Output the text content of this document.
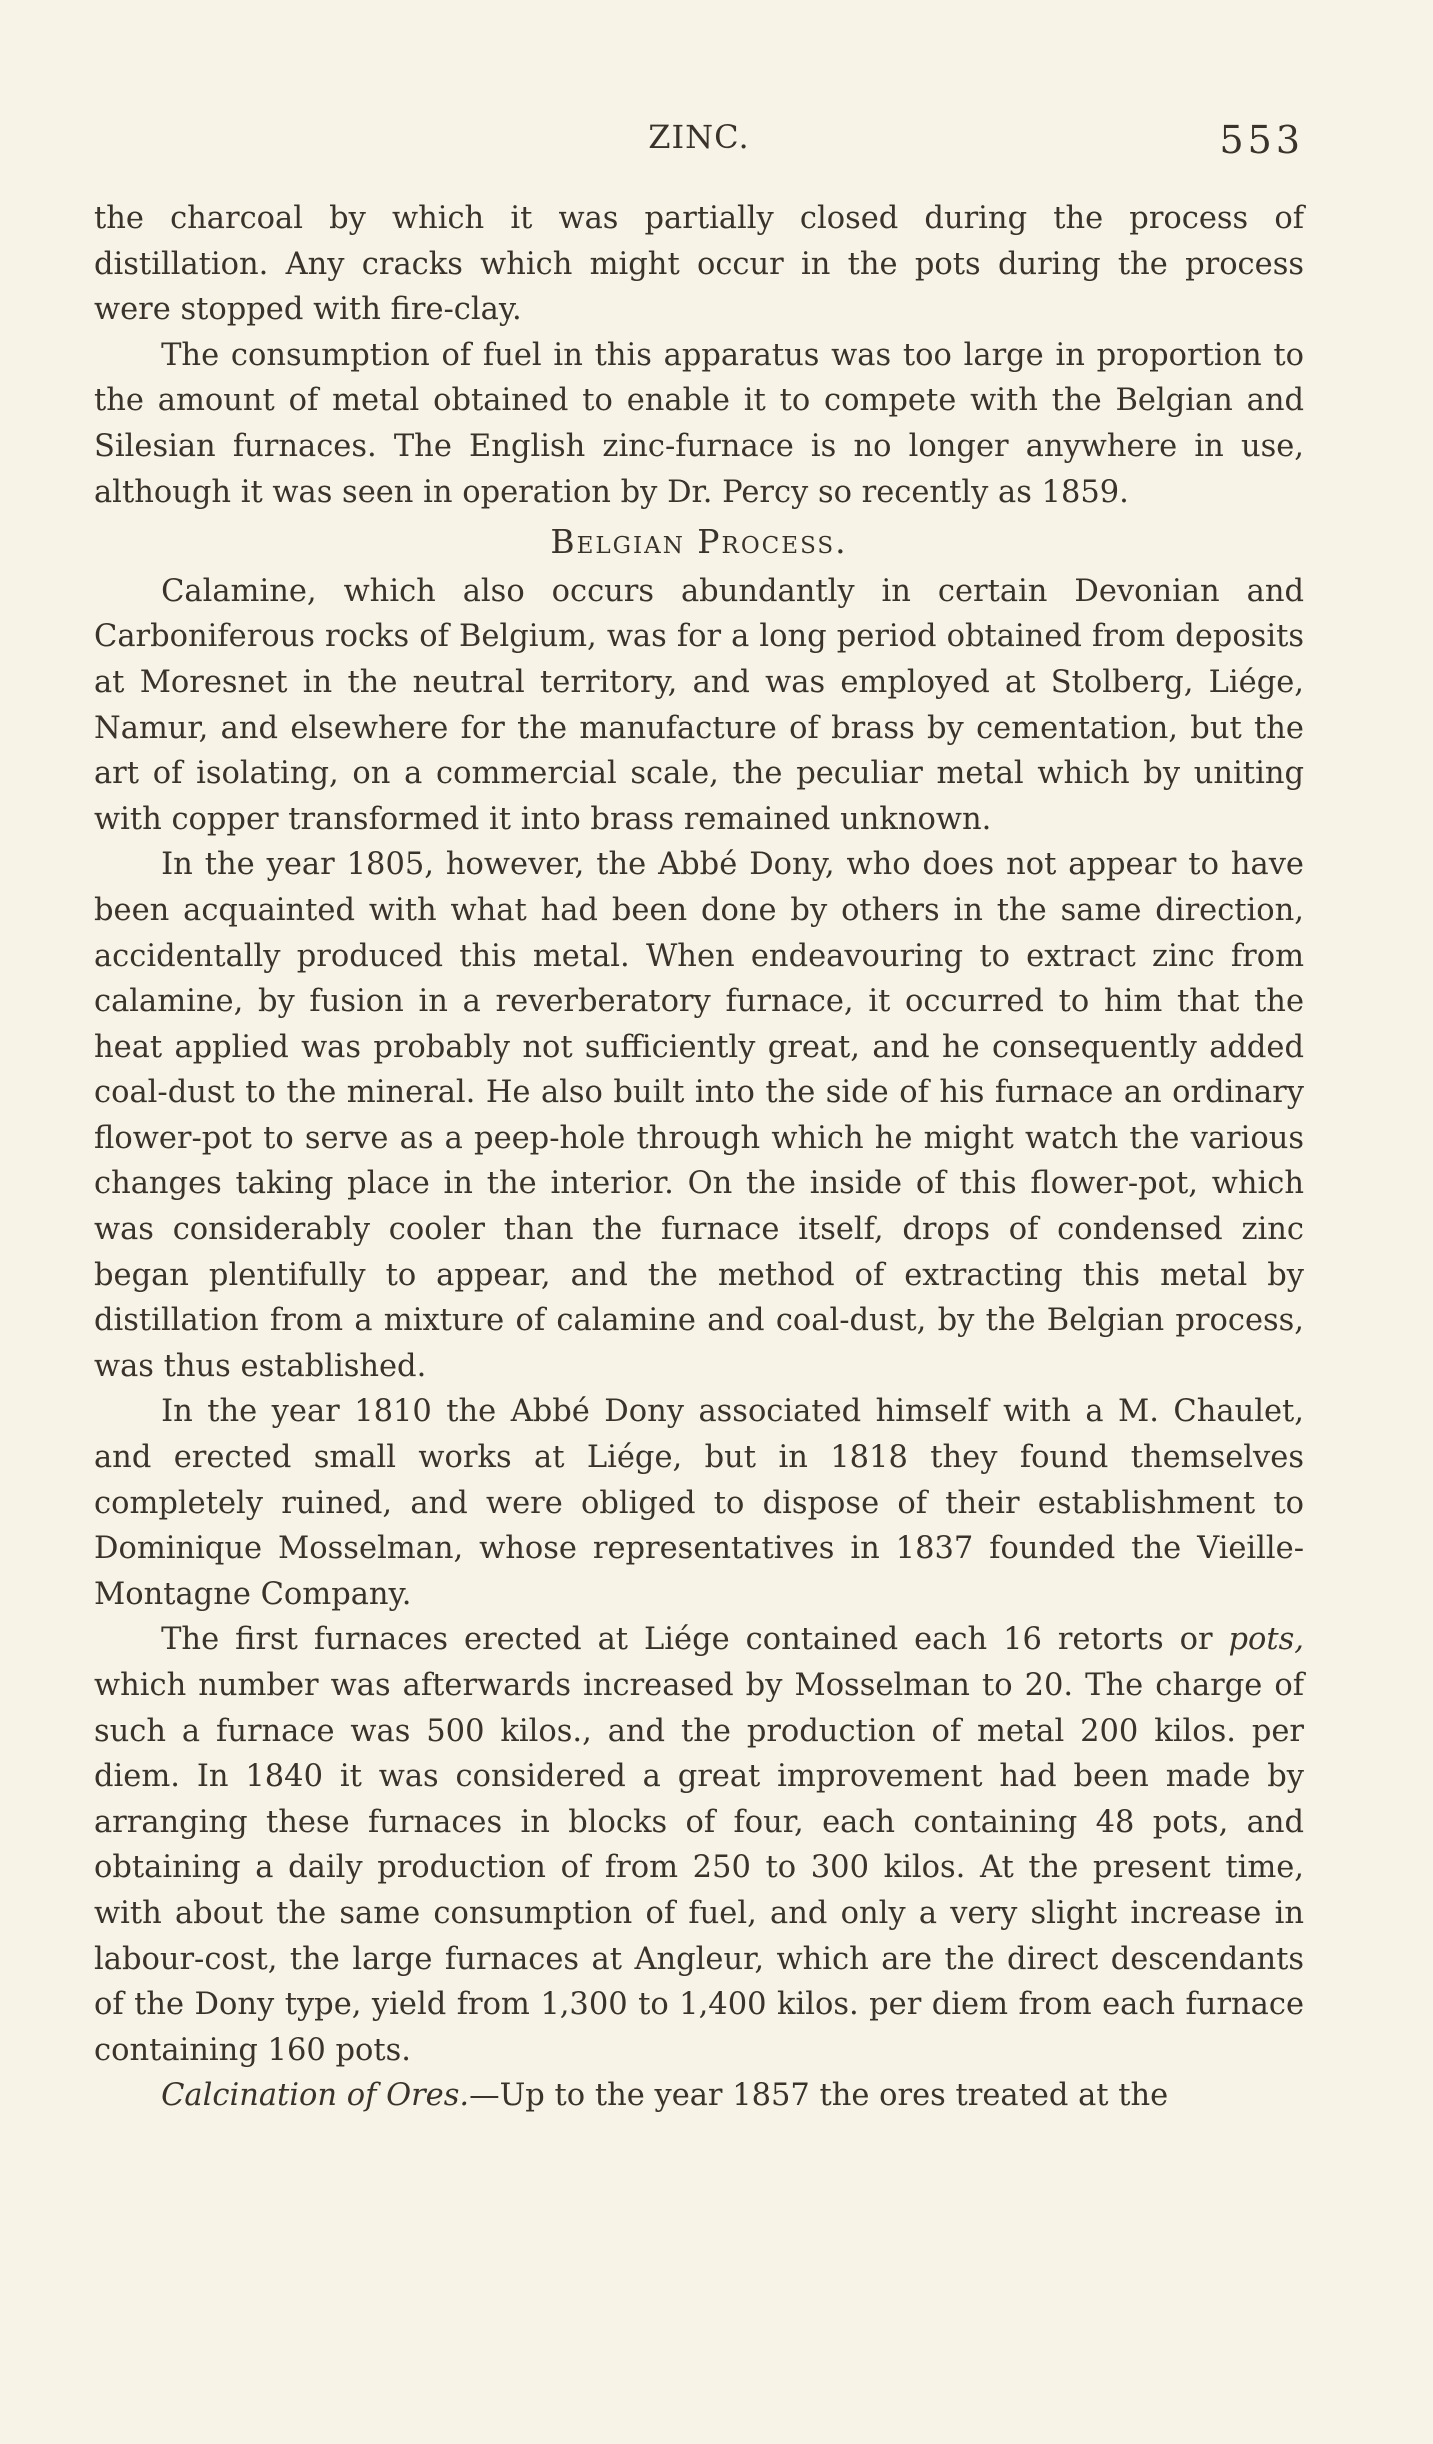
ZINC.	553

the charcoal by which it was partially closed during the process of distillation. Any cracks which might occur in the pots during the process were stopped with fire-clay.

The consumption of fuel in this apparatus was too large in proportion to the amount of metal obtained to enable it to compete with the Belgian and Silesian furnaces. The English zinc-furnace is no longer anywhere in use, although it was seen in operation by Dr. Percy so recently as 1859.

Belgian Process.

Calamine, which also occurs abundantly in certain Devonian and Carboniferous rocks of Belgium, was for a long period obtained from deposits at Moresnet in the neutral territory, and was employed at Stolberg, Liége, Namur, and elsewhere for the manufacture of brass by cementation, but the art of isolating, on a commercial scale, the peculiar metal which by uniting with copper transformed it into brass remained unknown.

In the year 1805, however, the Abbé Dony, who does not appear to have been acquainted with what had been done by others in the same direction, accidentally produced this metal. When endeavouring to extract zinc from calamine, by fusion in a reverberatory furnace, it occurred to him that the heat applied was probably not sufficiently great, and he consequently added coal-dust to the mineral. He also built into the side of his furnace an ordinary flower-pot to serve as a peep-hole through which he might watch the various changes taking place in the interior. On the inside of this flower-pot, which was considerably cooler than the furnace itself, drops of condensed zinc began plentifully to appear, and the method of extracting this metal by distillation from a mixture of calamine and coal-dust, by the Belgian process, was thus established.

In the year 1810 the Abbé Dony associated himself with a M. Chaulet, and erected small works at Liége, but in 1818 they found themselves completely ruined, and were obliged to dispose of their establishment to Dominique Mosselman, whose representatives in 1837 founded the Vieille-Montagne Company.

The first furnaces erected at Liége contained each 16 retorts or pots, which number was afterwards increased by Mosselman to 20. The charge of such a furnace was 500 kilos., and the production of metal 200 kilos. per diem. In 1840 it was considered a great improvement had been made by arranging these furnaces in blocks of four, each containing 48 pots, and obtaining a daily production of from 250 to 300 kilos. At the present time, with about the same consumption of fuel, and only a very slight increase in labour-cost, the large furnaces at Angleur, which are the direct descendants of the Dony type, yield from 1,300 to 1,400 kilos. per diem from each furnace containing 160 pots.

Calcination of Ores.—Up to the year 1857 the ores treated at the
